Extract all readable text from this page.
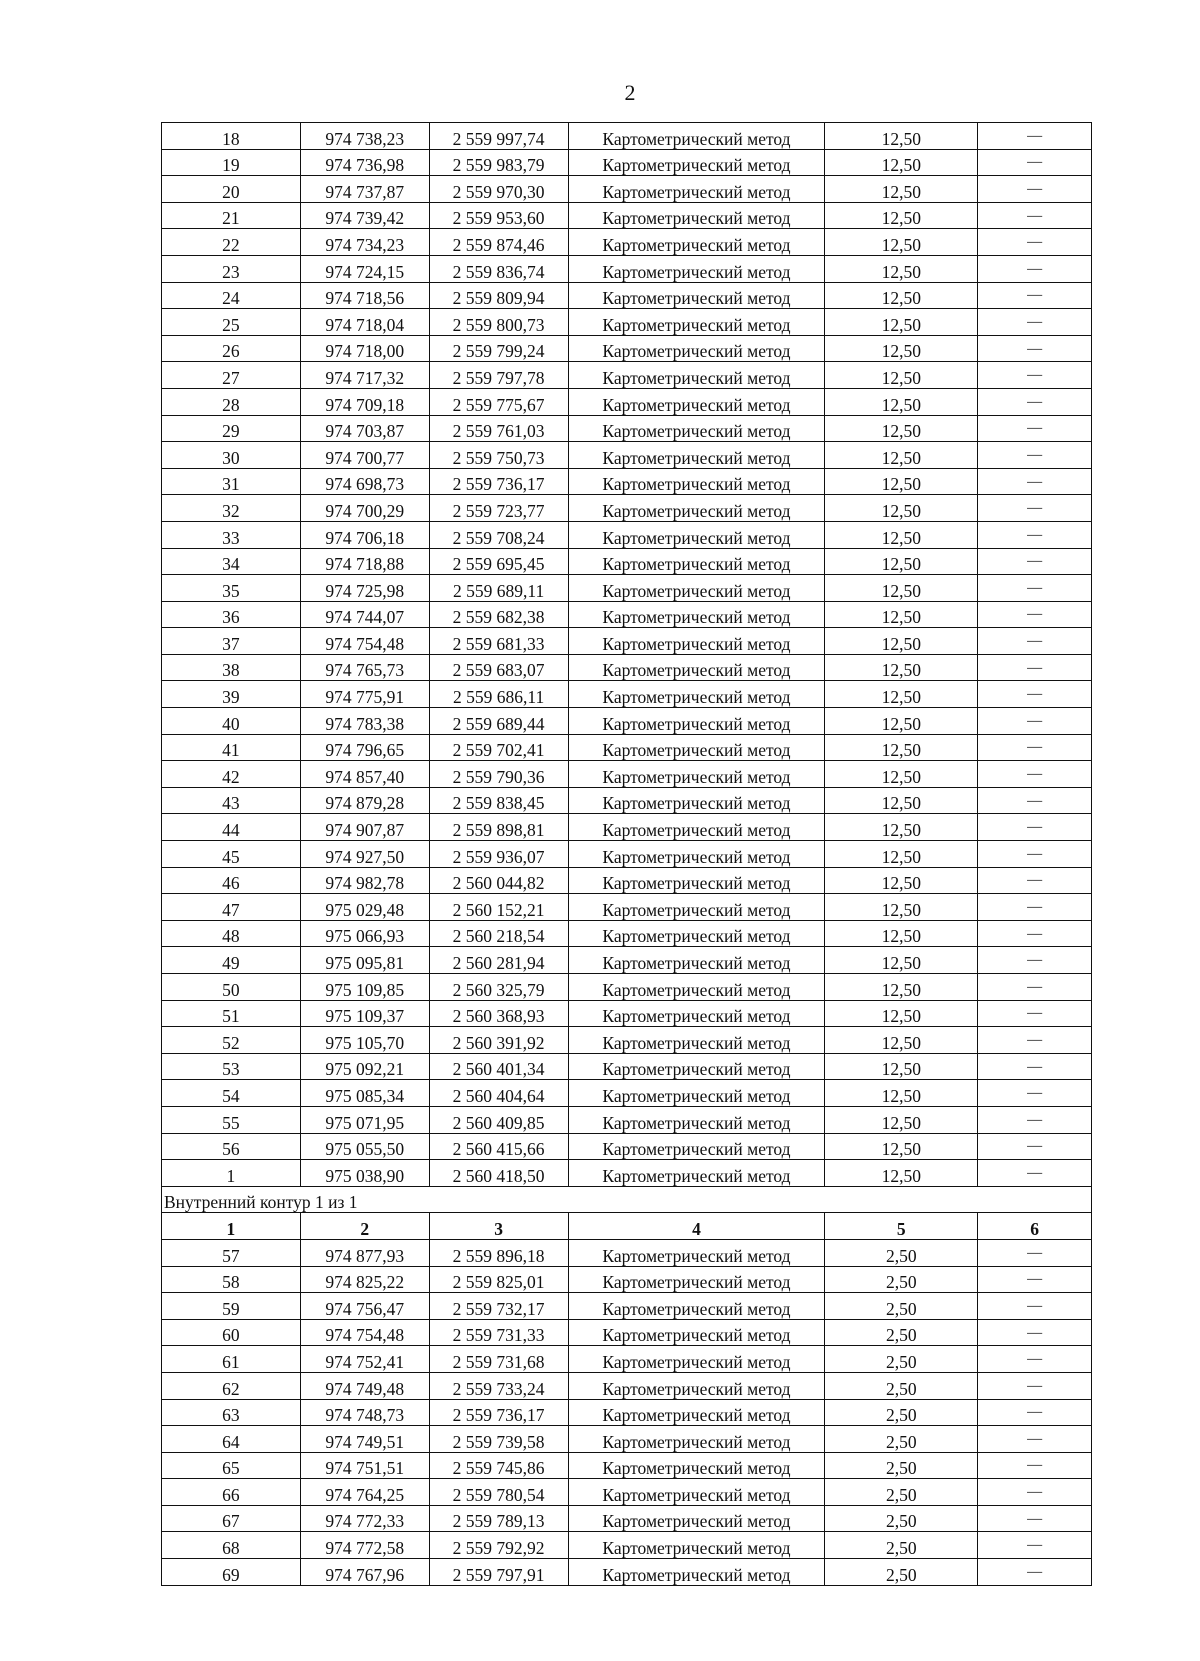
2
18	974 738,23	2 559 997,74	Картометрический метод	12,50	—
19	974 736,98	2 559 983,79	Картометрический метод	12,50	—
20	974 737,87	2 559 970,30	Картометрический метод	12,50	—
21	974 739,42	2 559 953,60	Картометрический метод	12,50	—
22	974 734,23	2 559 874,46	Картометрический метод	12,50	—
23	974 724,15	2 559 836,74	Картометрический метод	12,50	—
24	974 718,56	2 559 809,94	Картометрический метод	12,50	—
25	974 718,04	2 559 800,73	Картометрический метод	12,50	—
26	974 718,00	2 559 799,24	Картометрический метод	12,50	—
27	974 717,32	2 559 797,78	Картометрический метод	12,50	—
28	974 709,18	2 559 775,67	Картометрический метод	12,50	—
29	974 703,87	2 559 761,03	Картометрический метод	12,50	—
30	974 700,77	2 559 750,73	Картометрический метод	12,50	—
31	974 698,73	2 559 736,17	Картометрический метод	12,50	—
32	974 700,29	2 559 723,77	Картометрический метод	12,50	—
33	974 706,18	2 559 708,24	Картометрический метод	12,50	—
34	974 718,88	2 559 695,45	Картометрический метод	12,50	—
35	974 725,98	2 559 689,11	Картометрический метод	12,50	—
36	974 744,07	2 559 682,38	Картометрический метод	12,50	—
37	974 754,48	2 559 681,33	Картометрический метод	12,50	—
38	974 765,73	2 559 683,07	Картометрический метод	12,50	—
39	974 775,91	2 559 686,11	Картометрический метод	12,50	—
40	974 783,38	2 559 689,44	Картометрический метод	12,50	—
41	974 796,65	2 559 702,41	Картометрический метод	12,50	—
42	974 857,40	2 559 790,36	Картометрический метод	12,50	—
43	974 879,28	2 559 838,45	Картометрический метод	12,50	—
44	974 907,87	2 559 898,81	Картометрический метод	12,50	—
45	974 927,50	2 559 936,07	Картометрический метод	12,50	—
46	974 982,78	2 560 044,82	Картометрический метод	12,50	—
47	975 029,48	2 560 152,21	Картометрический метод	12,50	—
48	975 066,93	2 560 218,54	Картометрический метод	12,50	—
49	975 095,81	2 560 281,94	Картометрический метод	12,50	—
50	975 109,85	2 560 325,79	Картометрический метод	12,50	—
51	975 109,37	2 560 368,93	Картометрический метод	12,50	—
52	975 105,70	2 560 391,92	Картометрический метод	12,50	—
53	975 092,21	2 560 401,34	Картометрический метод	12,50	—
54	975 085,34	2 560 404,64	Картометрический метод	12,50	—
55	975 071,95	2 560 409,85	Картометрический метод	12,50	—
56	975 055,50	2 560 415,66	Картометрический метод	12,50	—
1	975 038,90	2 560 418,50	Картометрический метод	12,50	—
Внутренний контур 1 из 1					
1	2	3	4	5	6
57	974 877,93	2 559 896,18	Картометрический метод	2,50	—
58	974 825,22	2 559 825,01	Картометрический метод	2,50	—
59	974 756,47	2 559 732,17	Картометрический метод	2,50	—
60	974 754,48	2 559 731,33	Картометрический метод	2,50	—
61	974 752,41	2 559 731,68	Картометрический метод	2,50	—
62	974 749,48	2 559 733,24	Картометрический метод	2,50	—
63	974 748,73	2 559 736,17	Картометрический метод	2,50	—
64	974 749,51	2 559 739,58	Картометрический метод	2,50	—
65	974 751,51	2 559 745,86	Картометрический метод	2,50	—
66	974 764,25	2 559 780,54	Картометрический метод	2,50	—
67	974 772,33	2 559 789,13	Картометрический метод	2,50	—
68	974 772,58	2 559 792,92	Картометрический метод	2,50	—
69	974 767,96	2 559 797,91	Картометрический метод	2,50	—
